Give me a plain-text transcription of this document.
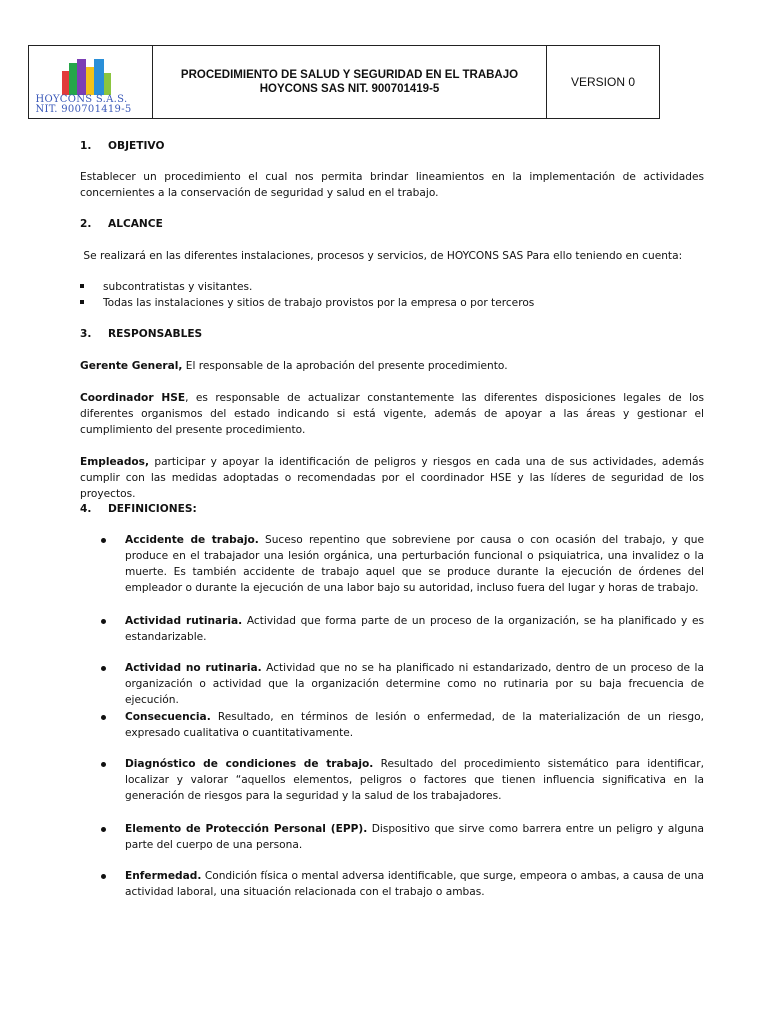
HOYCONS S.A.S.
NIT. 900701419-5
	PROCEDIMIENTO DE SALUD Y SEGURIDAD EN EL TRABAJO HOYCONS SAS NIT. 900701419-5	VERSION 0
1. OBJETIVO
Establecer un procedimiento el cual nos permita brindar lineamientos en la implementación de actividades concernientes a la conservación de seguridad y salud en el trabajo.
2. ALCANCE
Se realizará en las diferentes instalaciones, procesos y servicios, de HOYCONS SAS Para ello teniendo en cuenta:
subcontratistas y visitantes.
Todas las instalaciones y sitios de trabajo provistos por la empresa o por terceros
3. RESPONSABLES
Gerente General, El responsable de la aprobación del presente procedimiento.
Coordinador HSE, es responsable de actualizar constantemente las diferentes disposiciones legales de los diferentes organismos del estado indicando si está vigente, además de apoyar a las áreas y gestionar el cumplimiento del presente procedimiento.
Empleados, participar y apoyar la identificación de peligros y riesgos en cada una de sus actividades, además cumplir con las medidas adoptadas o recomendadas por el coordinador HSE y las líderes de seguridad de los proyectos.
4. DEFINICIONES:
Accidente de trabajo. Suceso repentino que sobreviene por causa o con ocasión del trabajo, y que produce en el trabajador una lesión orgánica, una perturbación funcional o psiquiatrica, una invalidez o la muerte. Es también accidente de trabajo aquel que se produce durante la ejecución de órdenes del empleador o durante la ejecución de una labor bajo su autoridad, incluso fuera del lugar y horas de trabajo.
Actividad rutinaria. Actividad que forma parte de un proceso de la organización, se ha planificado y es estandarizable.
Actividad no rutinaria. Actividad que no se ha planificado ni estandarizado, dentro de un proceso de la organización o actividad que la organización determine como no rutinaria por su baja frecuencia de ejecución.
Consecuencia. Resultado, en términos de lesión o enfermedad, de la materialización de un riesgo, expresado cualitativa o cuantitativamente.
Diagnóstico de condiciones de trabajo. Resultado del procedimiento sistemático para identificar, localizar y valorar “aquellos elementos, peligros o factores que tienen influencia significativa en la generación de riesgos para la seguridad y la salud de los trabajadores.
Elemento de Protección Personal (EPP). Dispositivo que sirve como barrera entre un peligro y alguna parte del cuerpo de una persona.
Enfermedad. Condición física o mental adversa identificable, que surge, empeora o ambas, a causa de una actividad laboral, una situación relacionada con el trabajo o ambas.
